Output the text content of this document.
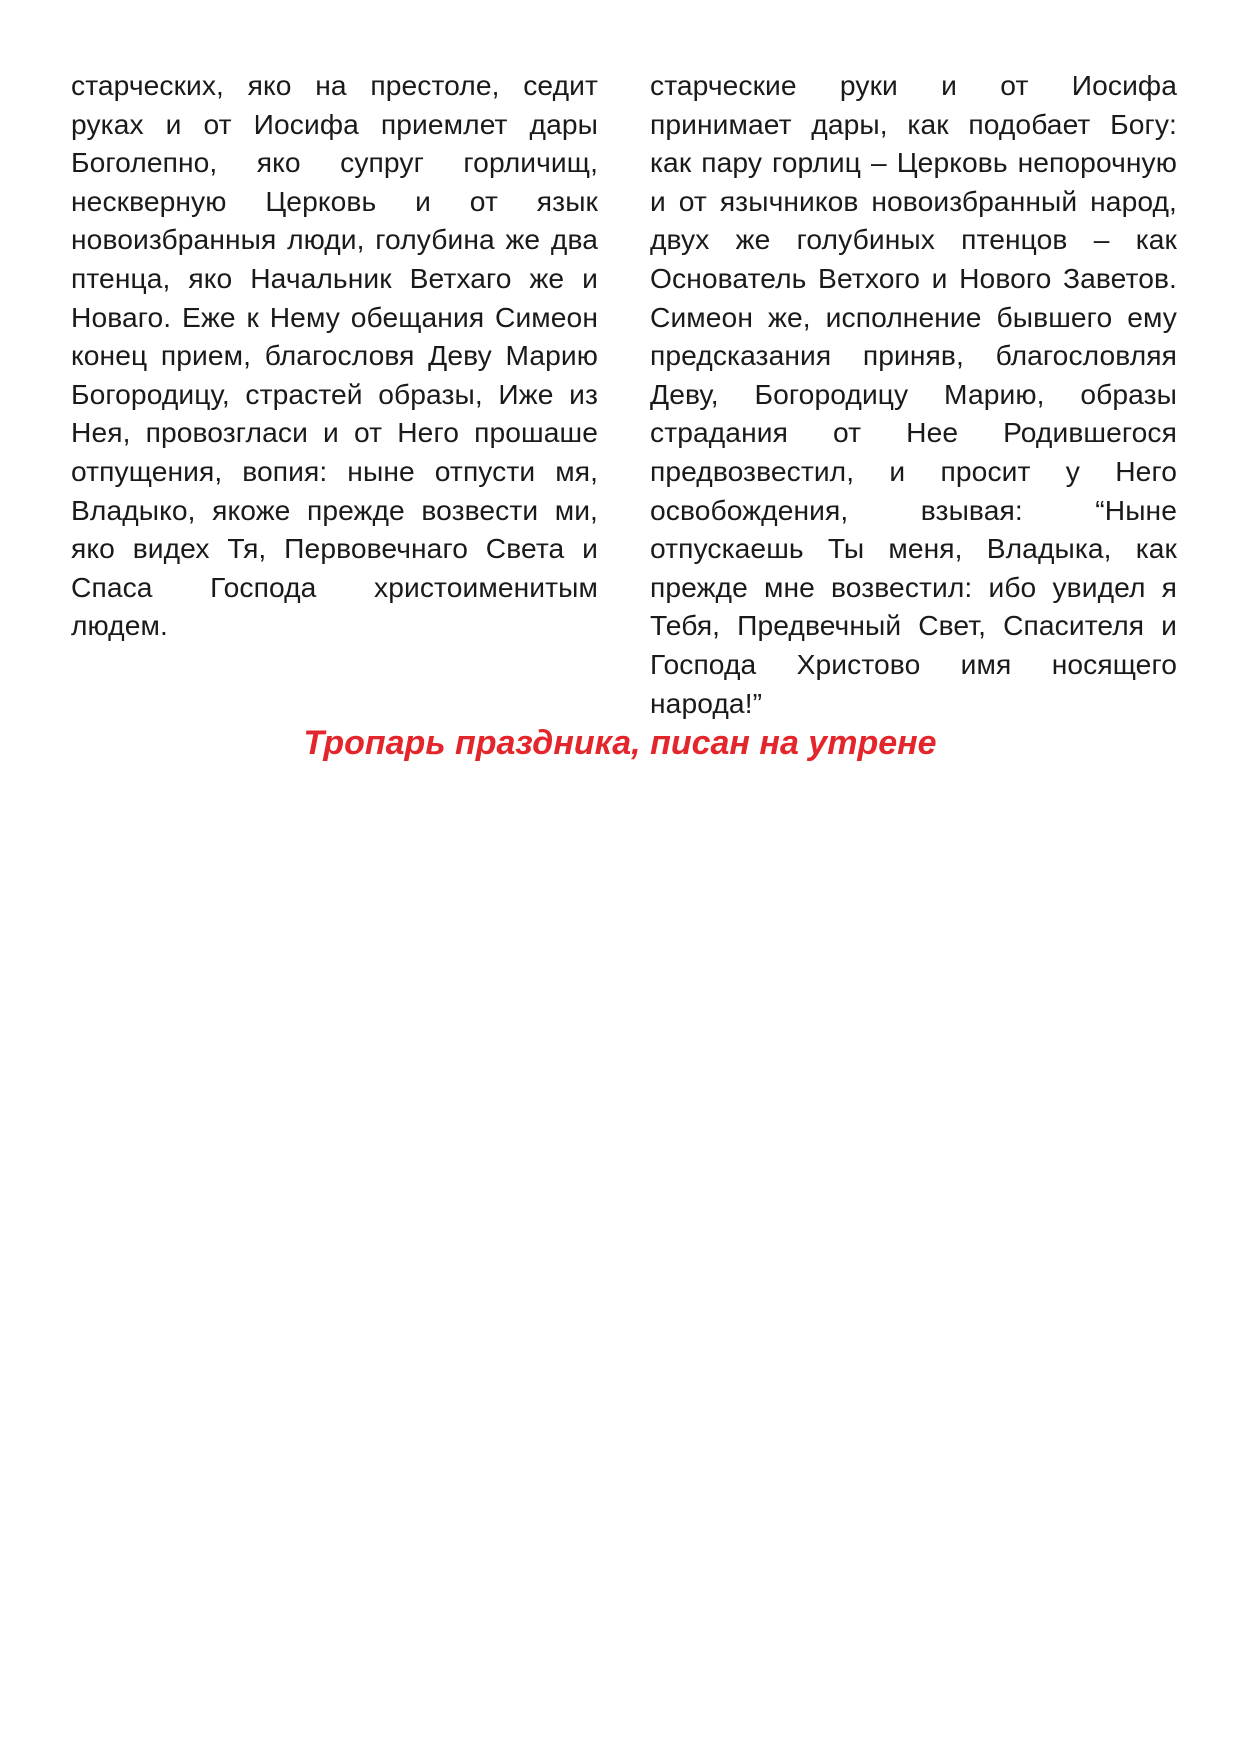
старческих, яко на престоле, седит руках и от Иосифа приемлет дары Боголепно, яко супруг горличищ, нескверную Церковь и от язык новоизбранныя люди, голубина же два птенца, яко Начальник Ветхаго же и Новаго. Еже к Нему обещания Симеон конец прием, благословя Деву Марию Богородицу, страстей образы, Иже из Нея, провозгласи и от Него прошаше отпущения, вопия: ныне отпусти мя, Владыко, якоже прежде возвести ми, яко видех Тя, Первовечнаго Света и Спаса Господа христоименитым людем.

старческие руки и от Иосифа принимает дары, как подобает Богу: как пару горлиц – Церковь непорочную и от язычников новоизбранный народ, двух же голубиных птенцов – как Основатель Ветхого и Нового Заветов. Симеон же, исполнение бывшего ему предсказания приняв, благословляя Деву, Богородицу Марию, образы страдания от Нее Родившегося предвозвестил, и просит у Него освобождения, взывая: “Ныне отпускаешь Ты меня, Владыка, как прежде мне возвестил: ибо увидел я Тебя, Предвечный Свет, Спасителя и Господа Христово имя носящего народа!”

Тропарь праздника, писан на утрене
